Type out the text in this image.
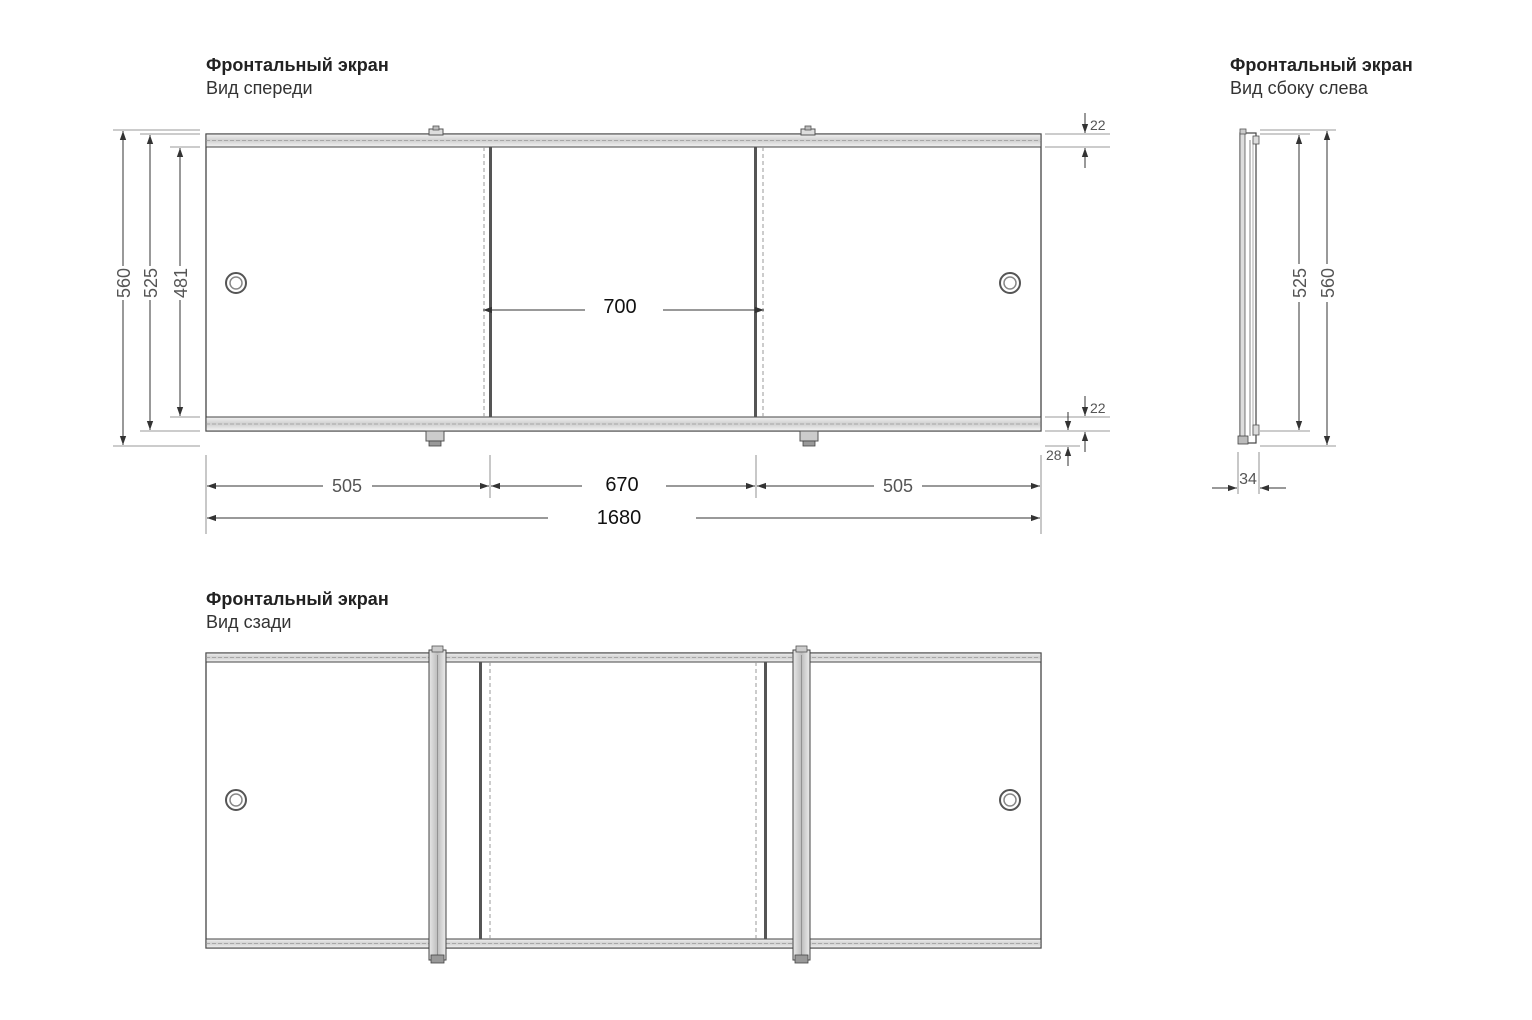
Фронтальный экран
Вид спереди
Фронтальный экран
Вид сбоку слева
Фронтальный экран
Вид сзади
560 525 481
700
22
22
28
505	670	505
1680
525 560
34
